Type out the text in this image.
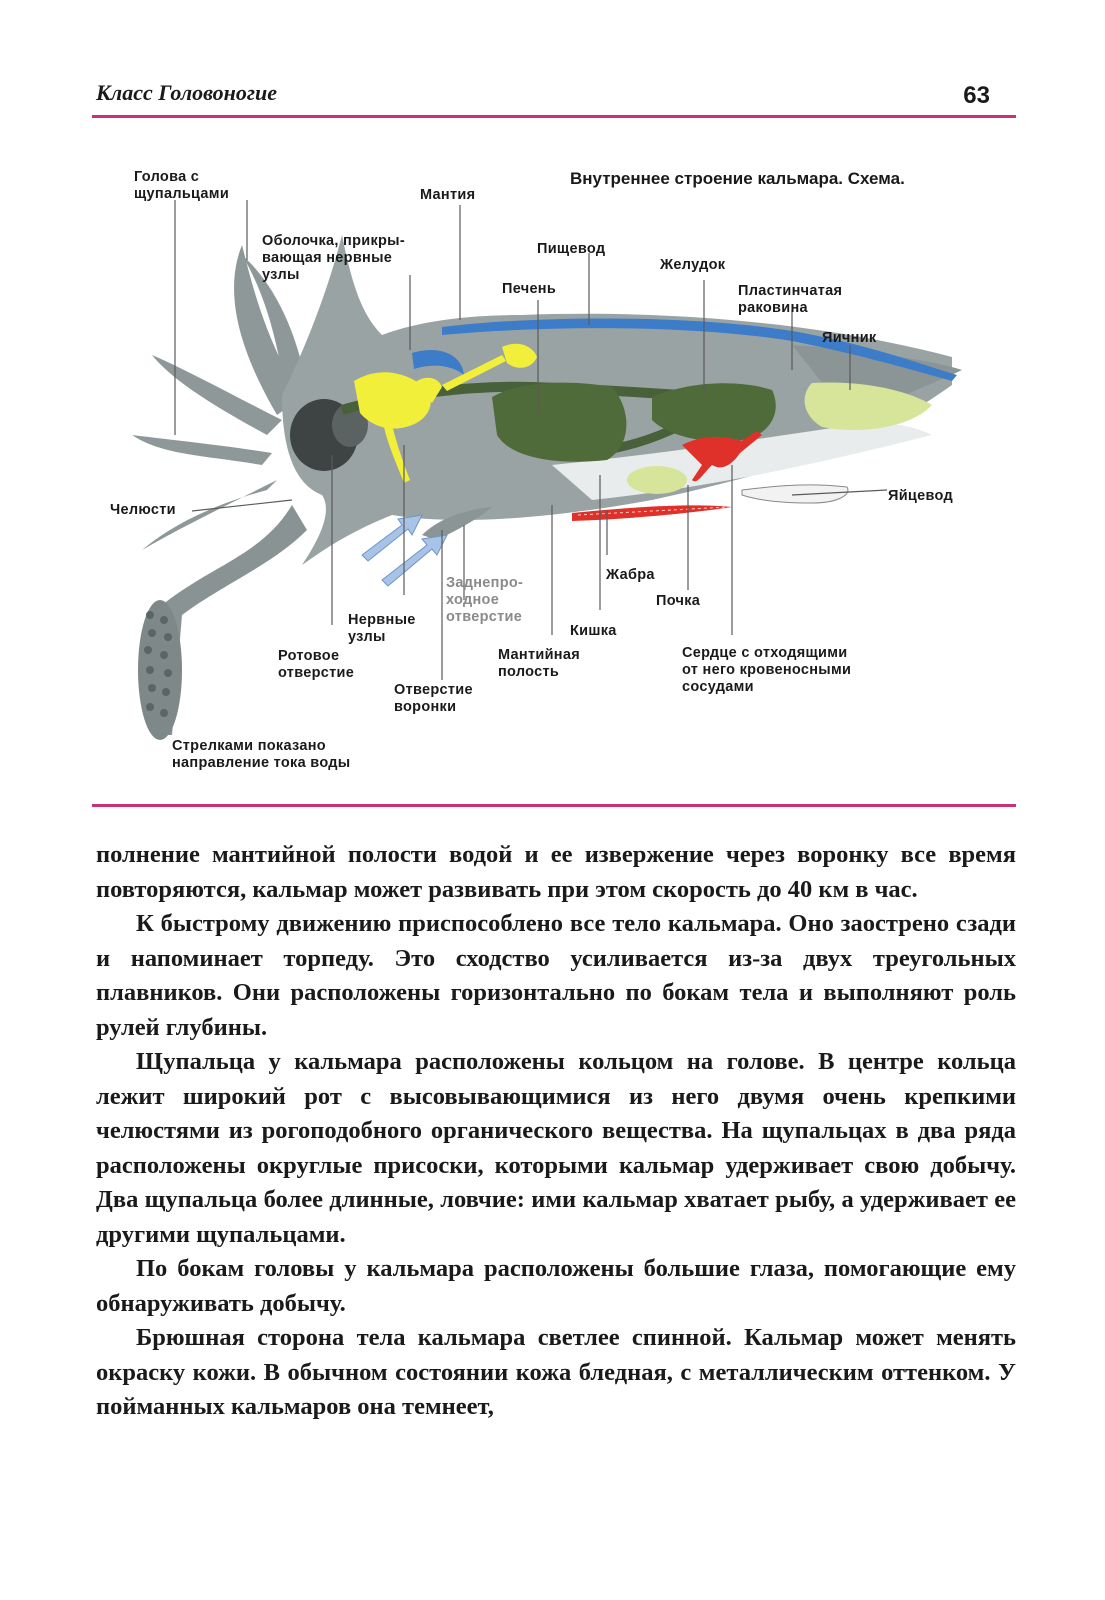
Класс Головоногие	63
Внутреннее строение кальмара. Схема.
Голова с
щупальцами	Мантия
Оболочка, прикры-
вающая нервные
узлы
Пищевод
Желудок
Печень	Пластинчатая
раковина
Яичник
Челюсти
Яйцевод
Заднепро-
ходное
отверстие
Жабра
Почка
Нервные
узлы	Кишка
Ротовое
отверстие
Мантийная
полость
Сердце с отходящими
от него кровеносными
сосудами
Отверстие
воронки
Стрелками показано
направление тока воды

полнение мантийной полости водой и ее извержение через воронку все время повторяются, кальмар может развивать при этом скорость до 40 км в час.

К быстрому движению приспособлено все тело кальмара. Оно заострено сзади и напоминает торпеду. Это сходство усиливается из-за двух треугольных плавников. Они расположены горизонтально по бокам тела и выполняют роль рулей глубины.

Щупальца у кальмара расположены кольцом на голове. В центре кольца лежит широкий рот с высовывающимися из него двумя очень крепкими челюстями из рогоподобного органического вещества. На щупальцах в два ряда расположены округлые присоски, которыми кальмар удерживает свою добычу. Два щупальца более длинные, ловчие: ими кальмар хватает рыбу, а удерживает ее другими щупальцами.

По бокам головы у кальмара расположены большие глаза, помогающие ему обнаруживать добычу.

Брюшная сторона тела кальмара светлее спинной. Кальмар может менять окраску кожи. В обычном состоянии кожа бледная, с металлическим оттенком. У пойманных кальмаров она темнеет,
